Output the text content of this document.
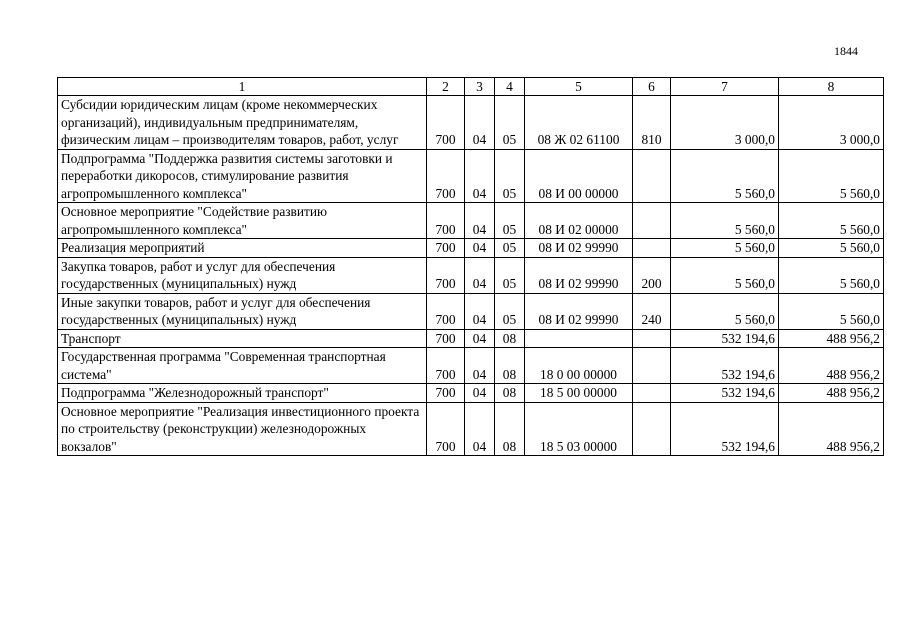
1844
1	2	3	4	5	6	7	8
Субсидии юридическим лицам (кроме некоммерческих организаций), индивидуальным предпринимателям, физическим лицам – производителям товаров, работ, услуг	700	04	05	08 Ж 02 61100	810	3 000,0	3 000,0
Подпрограмма "Поддержка развития системы заготовки и переработки дикоросов, стимулирование развития агропромышленного комплекса"	700	04	05	08 И 00 00000		5 560,0	5 560,0
Основное мероприятие "Содействие развитию агропромышленного комплекса"	700	04	05	08 И 02 00000		5 560,0	5 560,0
Реализация мероприятий	700	04	05	08 И 02 99990		5 560,0	5 560,0
Закупка товаров, работ и услуг для обеспечения государственных (муниципальных) нужд	700	04	05	08 И 02 99990	200	5 560,0	5 560,0
Иные закупки товаров, работ и услуг для обеспечения государственных (муниципальных) нужд	700	04	05	08 И 02 99990	240	5 560,0	5 560,0
Транспорт	700	04	08			532 194,6	488 956,2
Государственная программа "Современная транспортная система"	700	04	08	18 0 00 00000		532 194,6	488 956,2
Подпрограмма "Железнодорожный транспорт"	700	04	08	18 5 00 00000		532 194,6	488 956,2
Основное мероприятие "Реализация инвестиционного проекта по строительству (реконструкции) железнодорожных вокзалов"	700	04	08	18 5 03 00000		532 194,6	488 956,2
